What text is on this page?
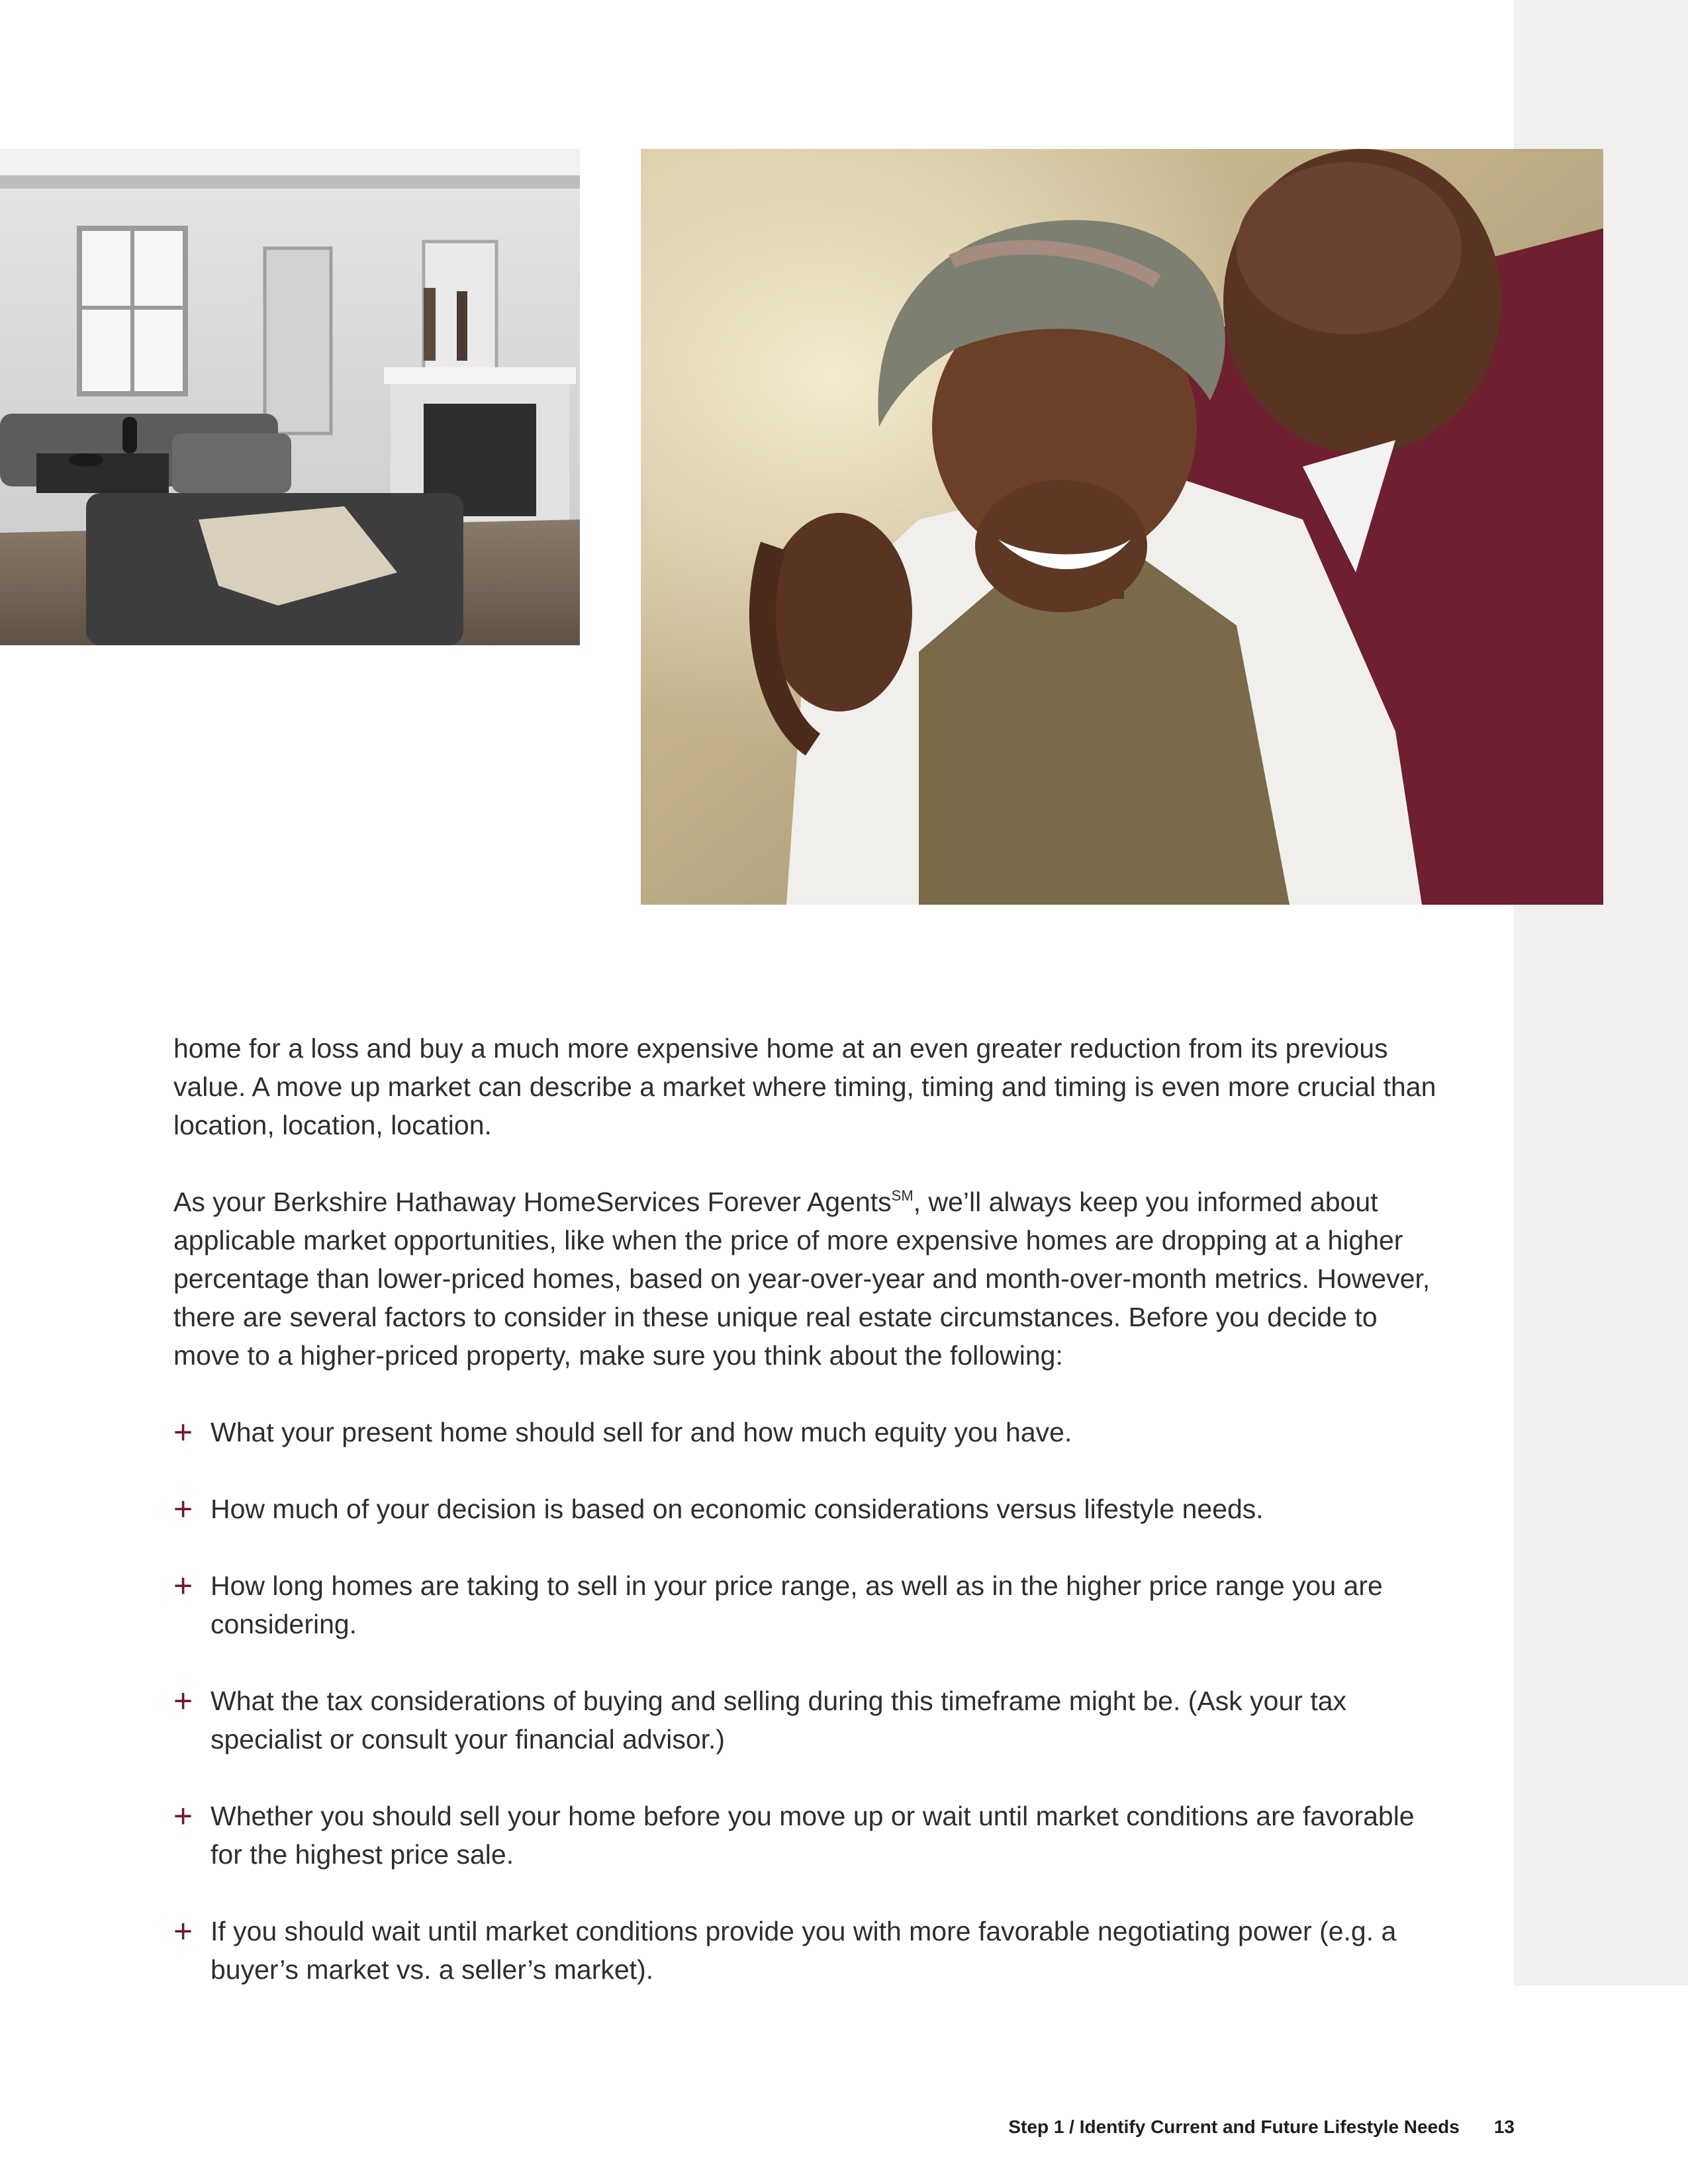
home for a loss and buy a much more expensive home at an even greater reduction from its previous value. A move up market can describe a market where timing, timing and timing is even more crucial than location, location, location.

As your Berkshire Hathaway HomeServices Forever Agents℠, we’ll always keep you informed about applicable market opportunities, like when the price of more expensive homes are dropping at a higher percentage than lower-priced homes, based on year-over-year and month-over-month metrics. However, there are several factors to consider in these unique real estate circumstances. Before you decide to move to a higher-priced property, make sure you think about the following:

+ What your present home should sell for and how much equity you have.
+ How much of your decision is based on economic considerations versus lifestyle needs.
+ How long homes are taking to sell in your price range, as well as in the higher price range you are considering.
+ What the tax considerations of buying and selling during this timeframe might be. (Ask your tax specialist or consult your financial advisor.)
+ Whether you should sell your home before you move up or wait until market conditions are favorable for the highest price sale.
+ If you should wait until market conditions provide you with more favorable negotiating power (e.g. a buyer’s market vs. a seller’s market).
Step 1 / Identify Current and Future Lifestyle Needs 13
